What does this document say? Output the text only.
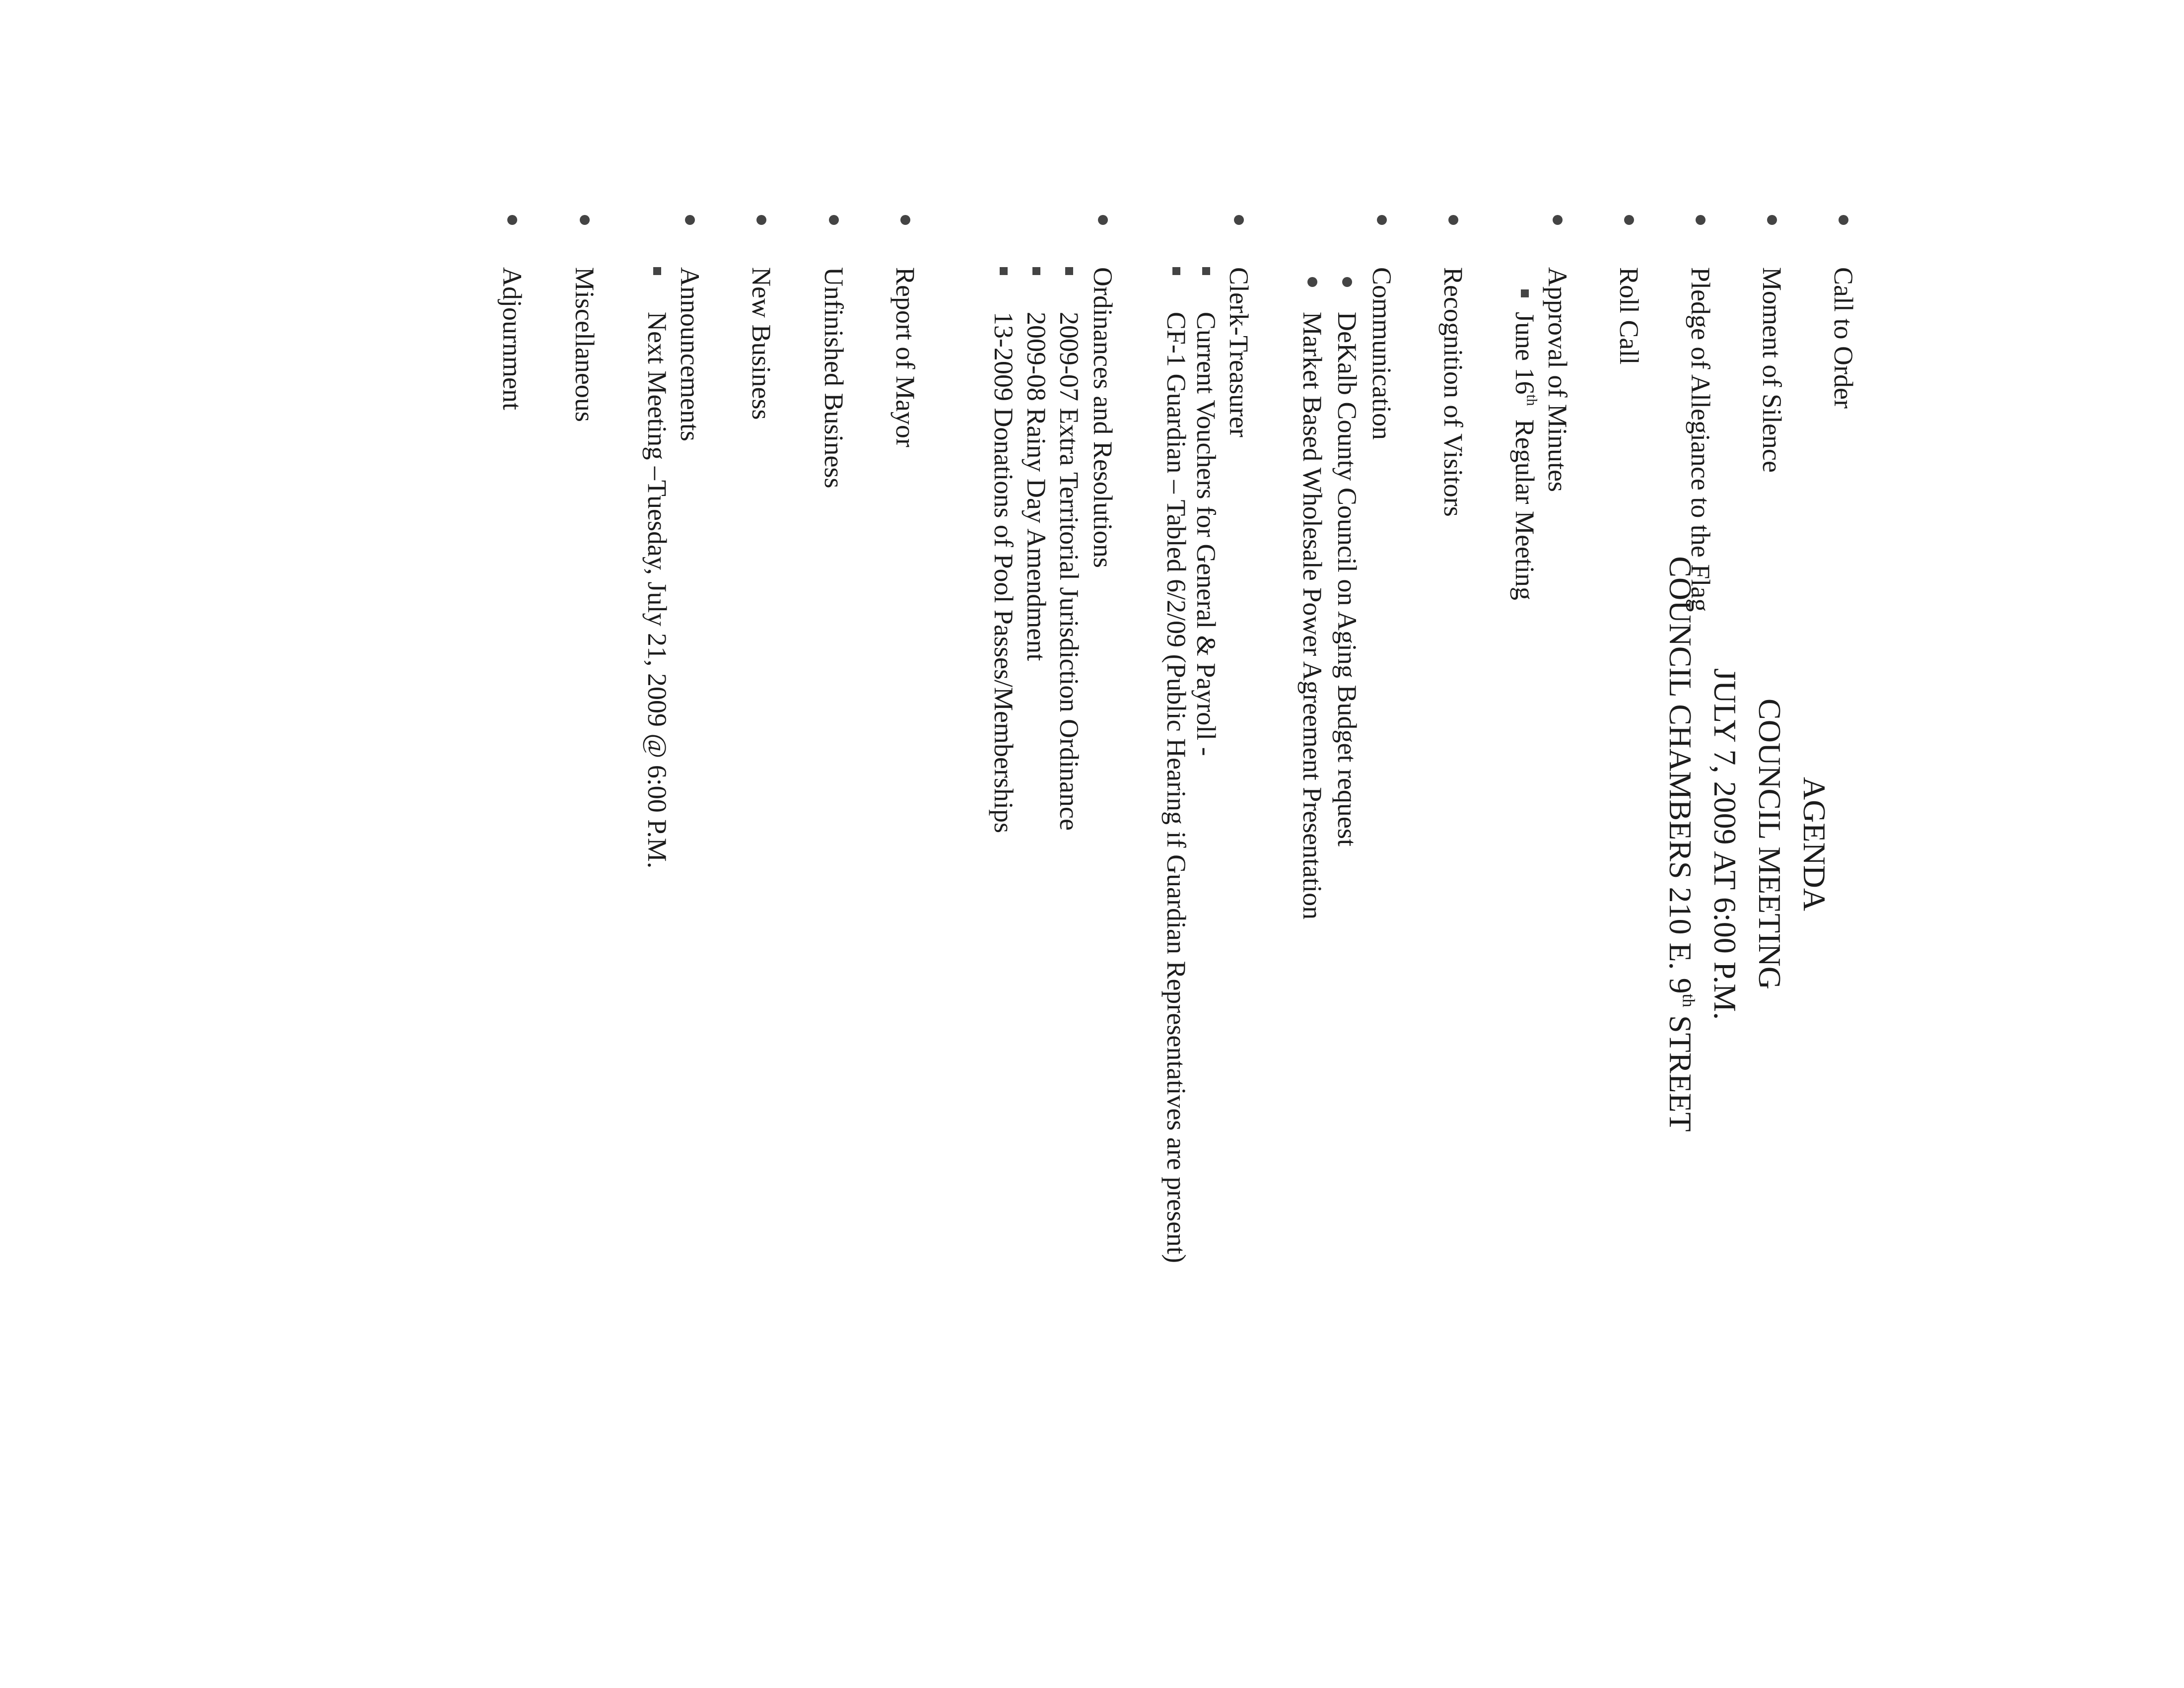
AGENDA
COUNCIL MEETING
JULY 7, 2009 AT 6:00 P.M.
COUNCIL CHAMBERS 210 E. 9th STREET
Call to Order
Moment of Silence
Pledge of Allegiance to the Flag
Roll Call
Approval of Minutes
June 16th  Regular Meeting
Recognition of Visitors
Communication
DeKalb County Council on Aging Budget request
Market Based Wholesale Power Agreement Presentation
Clerk-Treasurer
Current Vouchers for General & Payroll -
CF-1 Guardian – Tabled 6/2/09 (Public Hearing if Guardian Representatives are present)
Ordinances and Resolutions
2009-07 Extra Territorial Jurisdiction Ordinance
2009-08 Rainy Day Amendment
13-2009 Donations of Pool Passes/Memberships
Report of Mayor
Unfinished Business
New Business
Announcements
Next Meeting –Tuesday, July 21, 2009 @ 6:00 P.M.
Miscellaneous
Adjournment
